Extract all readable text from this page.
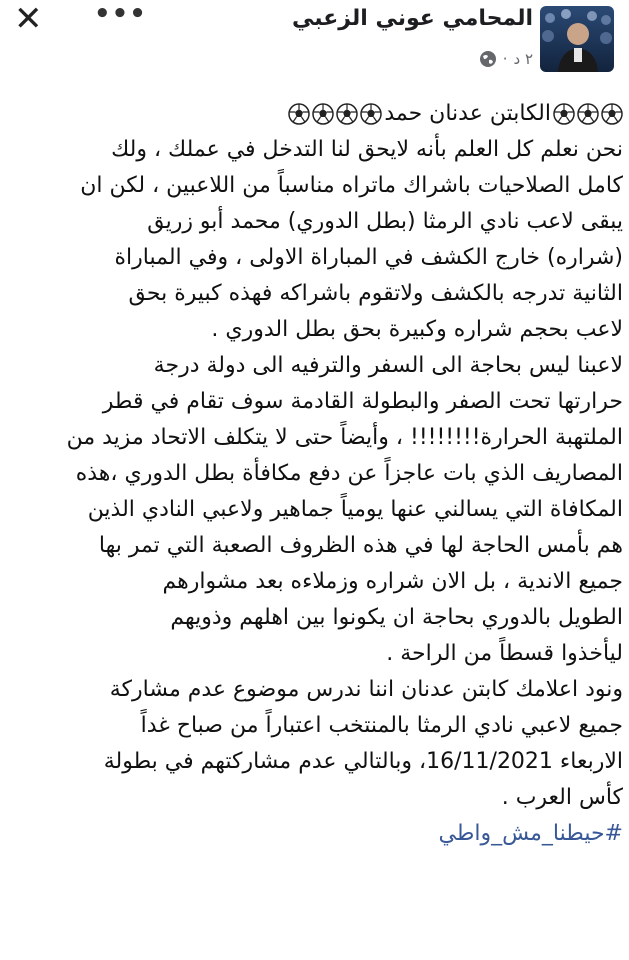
✕ •••	المحامي عوني الزعبي
٢ د
·

الكابتن عدنان حمد

نحن نعلم كل العلم بأنه لايحق لنا التدخل في عملك ، ولك

كامل الصلاحيات باشراك ماتراه مناسباً من اللاعبين ، لكن ان

يبقى لاعب نادي الرمثا (بطل الدوري) محمد أبو زريق

(شراره) خارج الكشف في المباراة الاولى ، وفي المباراة

الثانية تدرجه بالكشف ولاتقوم باشراكه فهذه كبيرة بحق

لاعب بحجم شراره وكبيرة بحق بطل الدوري .

لاعبنا ليس بحاجة الى السفر والترفيه الى دولة درجة

حرارتها تحت الصفر والبطولة القادمة سوف تقام في قطر

الملتهبة الحرارة!!!!!!!! ، وأيضاً حتى لا يتكلف الاتحاد مزيد من

المصاريف الذي بات عاجزاً عن دفع مكافأة بطل الدوري ،هذه

المكافاة التي يسالني عنها يومياً جماهير ولاعبي النادي الذين

هم بأمس الحاجة لها في هذه الظروف الصعبة التي تمر بها

جميع الاندية ، بل الان شراره وزملاءه بعد مشوارهم

الطويل بالدوري بحاجة ان يكونوا بين اهلهم وذويهم

ليأخذوا قسطاً من الراحة .

ونود اعلامك كابتن عدنان اننا ندرس موضوع عدم مشاركة

جميع لاعبي نادي الرمثا بالمنتخب اعتباراً من صباح غداً

الاربعاء 16/11/2021، وبالتالي عدم مشاركتهم في بطولة

كأس العرب .

#حيطنا_مش_واطي
